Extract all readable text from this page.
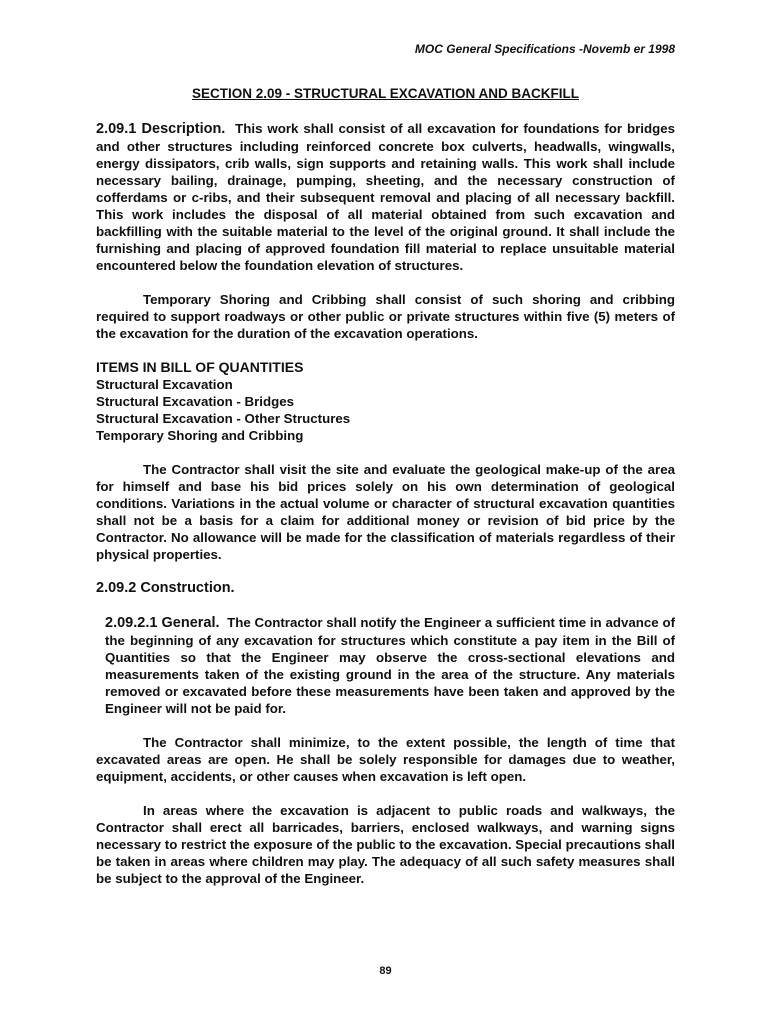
MOC General Specifications -Novemb er 1998
SECTION 2.09 - STRUCTURAL EXCAVATION AND BACKFILL

2.09.1 Description. This work shall consist of all excavation for foundations for bridges and other structures including reinforced concrete box culverts, headwalls, wingwalls, energy dissipators, crib walls, sign supports and retaining walls. This work shall include necessary bailing, drainage, pumping, sheeting, and the necessary construction of cofferdams or c-ribs, and their subsequent removal and placing of all necessary backfill. This work includes the disposal of all material obtained from such excavation and backfilling with the suitable material to the level of the original ground. It shall include the furnishing and placing of approved foundation fill material to replace unsuitable material encountered below the foundation elevation of structures.

Temporary Shoring and Cribbing shall consist of such shoring and cribbing required to support roadways or other public or private structures within five (5) meters of the excavation for the duration of the excavation operations.

ITEMS IN BILL OF QUANTITIES

Structural Excavation

Structural Excavation - Bridges

Structural Excavation - Other Structures

Temporary Shoring and Cribbing

The Contractor shall visit the site and evaluate the geological make-up of the area for himself and base his bid prices solely on his own determination of geological conditions. Variations in the actual volume or character of structural excavation quantities shall not be a basis for a claim for additional money or revision of bid price by the Contractor. No allowance will be made for the classification of materials regardless of their physical properties.

2.09.2 Construction.

2.09.2.1 General. The Contractor shall notify the Engineer a sufficient time in advance of the beginning of any excavation for structures which constitute a pay item in the Bill of Quantities so that the Engineer may observe the cross-sectional elevations and measurements taken of the existing ground in the area of the structure. Any materials removed or excavated before these measurements have been taken and approved by the Engineer will not be paid for.

The Contractor shall minimize, to the extent possible, the length of time that excavated areas are open. He shall be solely responsible for damages due to weather, equipment, accidents, or other causes when excavation is left open.

In areas where the excavation is adjacent to public roads and walkways, the Contractor shall erect all barricades, barriers, enclosed walkways, and warning signs necessary to restrict the exposure of the public to the excavation. Special precautions shall be taken in areas where children may play. The adequacy of all such safety measures shall be subject to the approval of the Engineer.

89
